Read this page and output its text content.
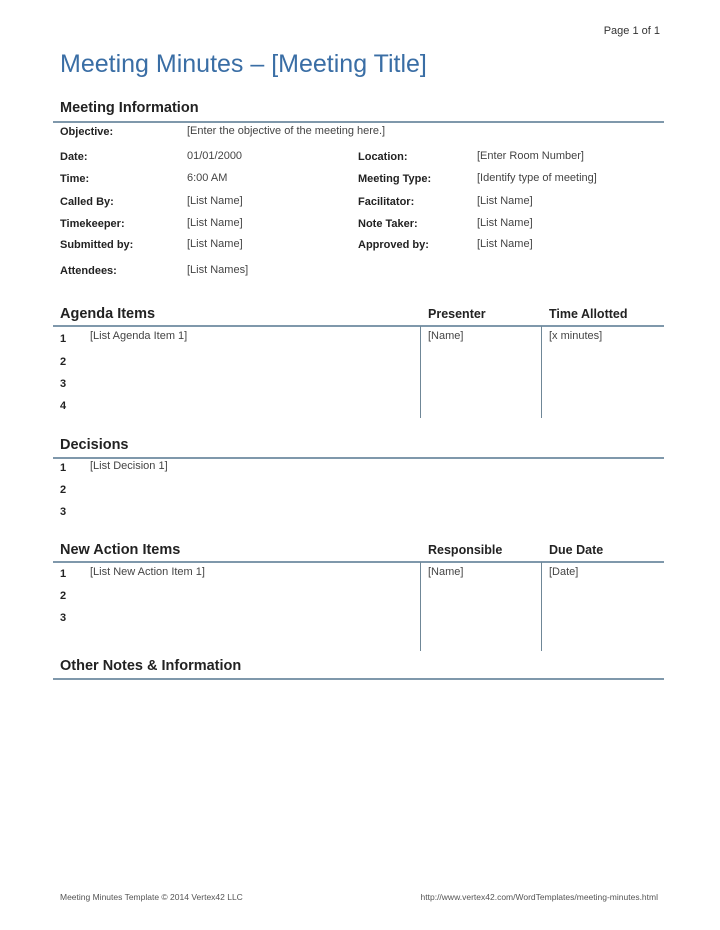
Page 1 of 1
Meeting Minutes – [Meeting Title]
Meeting Information
Objective:	[Enter the objective of the meeting here.]
Date:	01/01/2000	Location:	[Enter Room Number]
Time:	6:00 AM	Meeting Type:	[Identify type of meeting]
Called By:	[List Name]	Facilitator:	[List Name]
Timekeeper:	[List Name]	Note Taker:	[List Name]
Submitted by:	[List Name]	Approved by:	[List Name]
Attendees:	[List Names]
Agenda Items	Presenter	Time Allotted
1	[List Agenda Item 1]	[Name]	[x minutes]
2
3
4
Decisions
1	[List Decision 1]
2
3
New Action Items	Responsible	Due Date
1	[List New Action Item 1]	[Name]	[Date]
2
3
Other Notes & Information
Meeting Minutes Template © 2014 Vertex42 LLC	http://www.vertex42.com/WordTemplates/meeting-minutes.html
